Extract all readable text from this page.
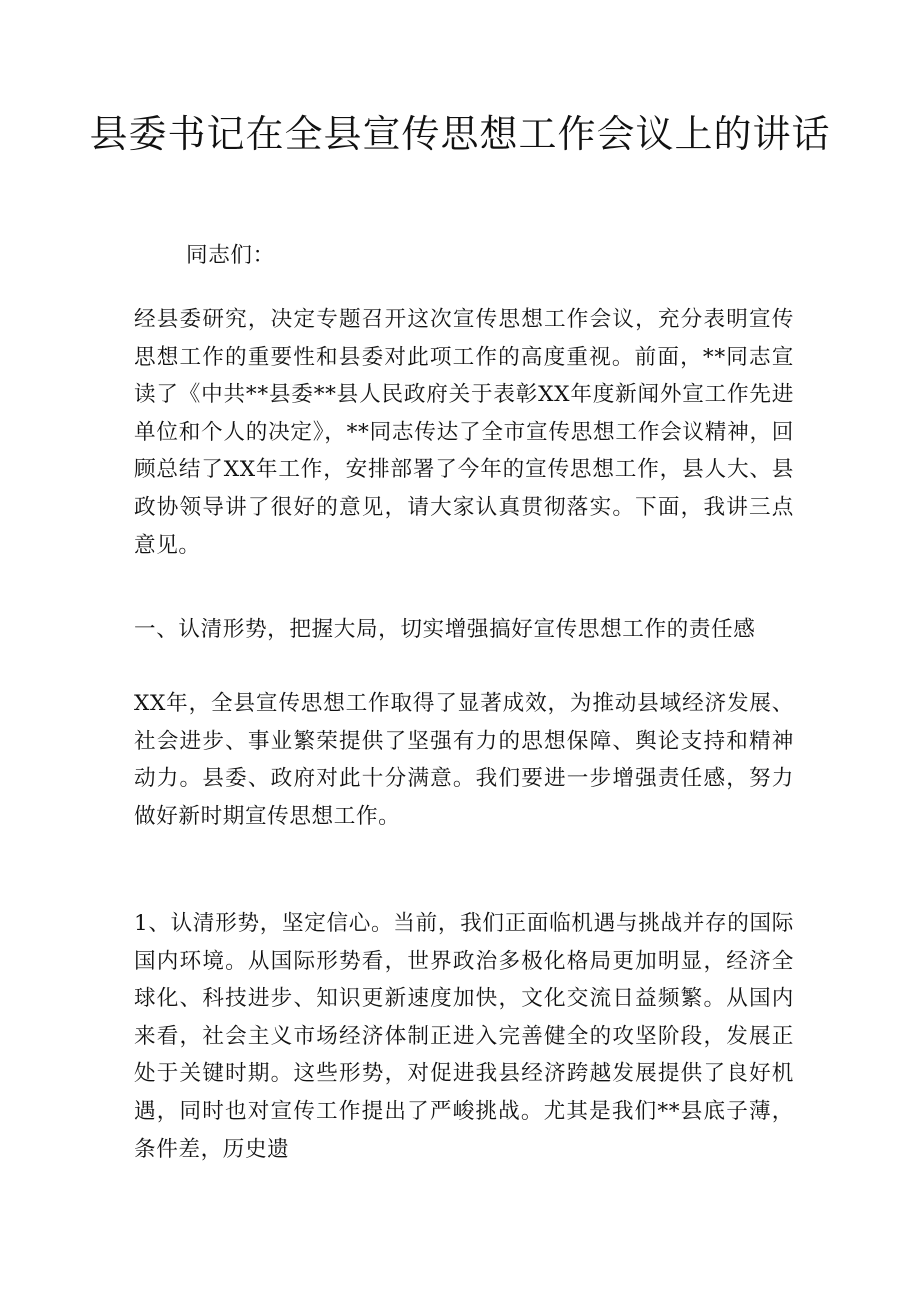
县委书记在全县宣传思想工作会议上的讲话

同志们：

经县委研究，决定专题召开这次宣传思想工作会议，充分表明宣传思想工作的重要性和县委对此项工作的高度重视。前面，**同志宣读了《中共**县委**县人民政府关于表彰XX年度新闻外宣工作先进单位和个人的决定》，**同志传达了全市宣传思想工作会议精神，回顾总结了XX年工作，安排部署了今年的宣传思想工作，县人大、县政协领导讲了很好的意见，请大家认真贯彻落实。下面，我讲三点意见。

一、认清形势，把握大局，切实增强搞好宣传思想工作的责任感

XX年，全县宣传思想工作取得了显著成效，为推动县域经济发展、社会进步、事业繁荣提供了坚强有力的思想保障、舆论支持和精神动力。县委、政府对此十分满意。我们要进一步增强责任感，努力做好新时期宣传思想工作。

1、认清形势，坚定信心。当前，我们正面临机遇与挑战并存的国际国内环境。从国际形势看，世界政治多极化格局更加明显，经济全球化、科技进步、知识更新速度加快，文化交流日益频繁。从国内来看，社会主义市场经济体制正进入完善健全的攻坚阶段，发展正处于关键时期。这些形势，对促进我县经济跨越发展提供了良好机遇，同时也对宣传工作提出了严峻挑战。尤其是我们**县底子薄，条件差，历史遗
